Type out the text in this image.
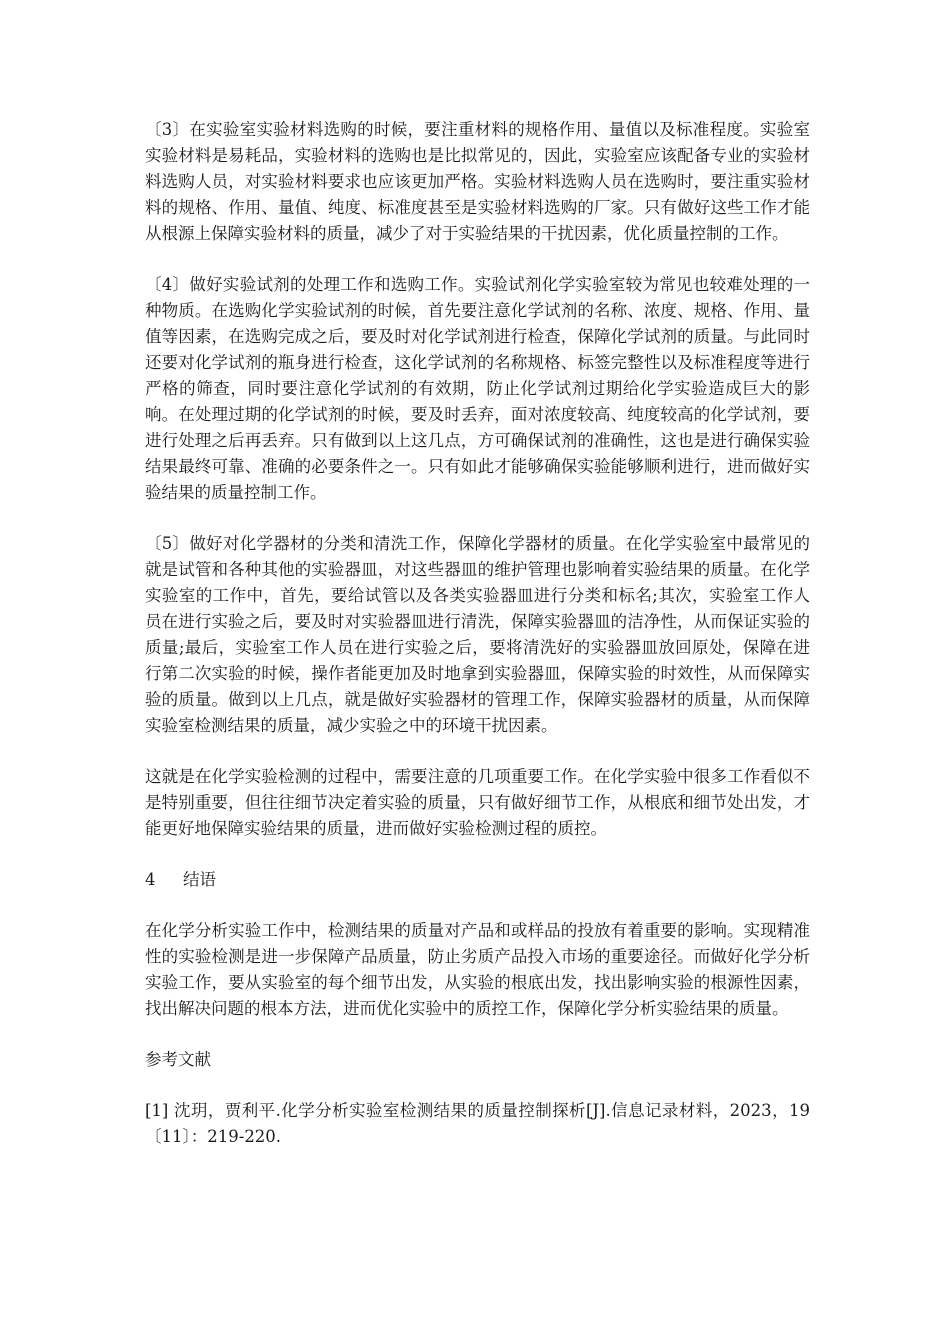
〔3〕在实验室实验材料选购的时候，要注重材料的规格作用、量值以及标准程度。实验室实验材料是易耗品，实验材料的选购也是比拟常见的，因此，实验室应该配备专业的实验材料选购人员，对实验材料要求也应该更加严格。实验材料选购人员在选购时，要注重实验材料的规格、作用、量值、纯度、标准度甚至是实验材料选购的厂家。只有做好这些工作才能从根源上保障实验材料的质量，减少了对于实验结果的干扰因素，优化质量控制的工作。

〔4〕做好实验试剂的处理工作和选购工作。实验试剂化学实验室较为常见也较难处理的一种物质。在选购化学实验试剂的时候，首先要注意化学试剂的名称、浓度、规格、作用、量值等因素，在选购完成之后，要及时对化学试剂进行检查，保障化学试剂的质量。与此同时还要对化学试剂的瓶身进行检查，这化学试剂的名称规格、标签完整性以及标准程度等进行严格的筛查，同时要注意化学试剂的有效期，防止化学试剂过期给化学实验造成巨大的影响。在处理过期的化学试剂的时候，要及时丢弃，面对浓度较高、纯度较高的化学试剂，要进行处理之后再丢弃。只有做到以上这几点，方可确保试剂的准确性，这也是进行确保实验结果最终可靠、准确的必要条件之一。只有如此才能够确保实验能够顺利进行，进而做好实验结果的质量控制工作。

〔5〕做好对化学器材的分类和清洗工作，保障化学器材的质量。在化学实验室中最常见的就是试管和各种其他的实验器皿，对这些器皿的维护管理也影响着实验结果的质量。在化学实验室的工作中，首先，要给试管以及各类实验器皿进行分类和标名;其次，实验室工作人员在进行实验之后，要及时对实验器皿进行清洗，保障实验器皿的洁净性，从而保证实验的质量;最后，实验室工作人员在进行实验之后，要将清洗好的实验器皿放回原处，保障在进行第二次实验的时候，操作者能更加及时地拿到实验器皿，保障实验的时效性，从而保障实验的质量。做到以上几点，就是做好实验器材的管理工作，保障实验器材的质量，从而保障实验室检测结果的质量，减少实验之中的环境干扰因素。

这就是在化学实验检测的过程中，需要注意的几项重要工作。在化学实验中很多工作看似不是特别重要，但往往细节决定着实验的质量，只有做好细节工作，从根底和细节处出发，才能更好地保障实验结果的质量，进而做好实验检测过程的质控。

4 结语

在化学分析实验工作中，检测结果的质量对产品和或样品的投放有着重要的影响。实现精准性的实验检测是进一步保障产品质量，防止劣质产品投入市场的重要途径。而做好化学分析实验工作，要从实验室的每个细节出发，从实验的根底出发，找出影响实验的根源性因素，找出解决问题的根本方法，进而优化实验中的质控工作，保障化学分析实验结果的质量。

参考文献

[1] 沈玥，贾利平.化学分析实验室检测结果的质量控制探析[J].信息记录材料，2023，19〔11〕：219-220.
